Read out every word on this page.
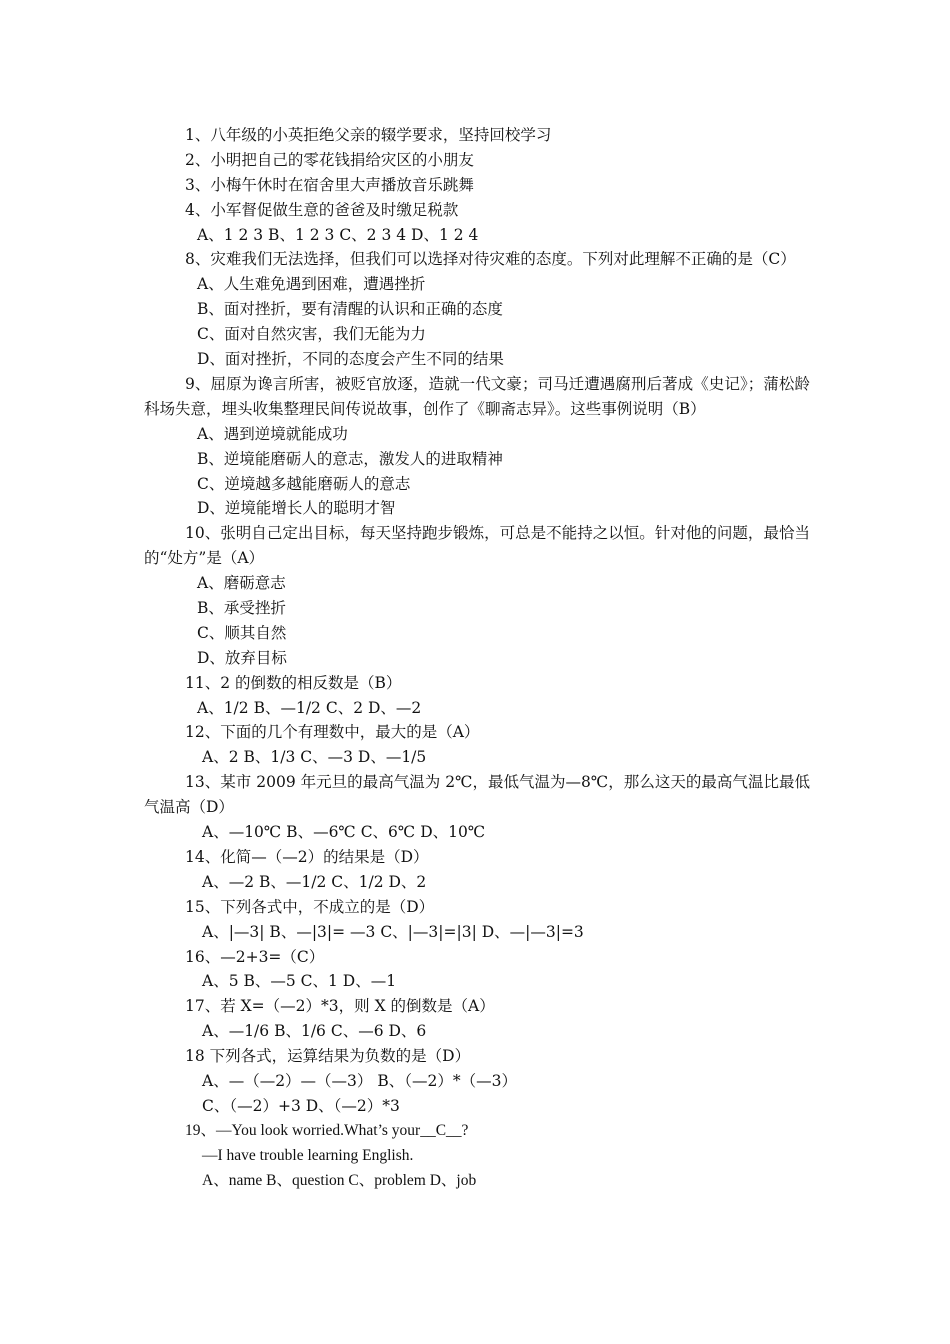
1、八年级的小英拒绝父亲的辍学要求，坚持回校学习
2、小明把自己的零花钱捐给灾区的小朋友
3、小梅午休时在宿舍里大声播放音乐跳舞
4、小军督促做生意的爸爸及时缴足税款
A、1 2 3 B、1 2 3 C、2 3 4 D、1 2 4
8、灾难我们无法选择，但我们可以选择对待灾难的态度。下列对此理解不正确的是（C）
A、人生难免遇到困难，遭遇挫折
B、面对挫折，要有清醒的认识和正确的态度
C、面对自然灾害，我们无能为力
D、面对挫折，不同的态度会产生不同的结果
9、屈原为谗言所害，被贬官放逐，造就一代文豪；司马迁遭遇腐刑后著成《史记》；蒲松龄科场失意，埋头收集整理民间传说故事，创作了《聊斋志异》。这些事例说明（B）
A、遇到逆境就能成功
B、逆境能磨砺人的意志，激发人的进取精神
C、逆境越多越能磨砺人的意志
D、逆境能增长人的聪明才智
10、张明自己定出目标，每天坚持跑步锻炼，可总是不能持之以恒。针对他的问题，最恰当的“处方”是（A）
A、磨砺意志
B、承受挫折
C、顺其自然
D、放弃目标
11、2 的倒数的相反数是（B）
A、1/2 B、—1/2 C、2 D、—2
12、下面的几个有理数中，最大的是（A）
A、2 B、1/3 C、—3 D、—1/5
13、某市 2009 年元旦的最高气温为 2℃，最低气温为—8℃，那么这天的最高气温比最低气温高（D）
A、—10℃ B、—6℃ C、6℃ D、10℃
14、化简—（—2）的结果是（D）
A、—2 B、—1/2 C、1/2 D、2
15、下列各式中，不成立的是（D）
A、|—3| B、—|3|= —3 C、|—3|=|3| D、—|—3|=3
16、—2+3=（C）
A、5 B、—5 C、1 D、—1
17、若 X=（—2）*3，则 X 的倒数是（A）
A、—1/6 B、1/6 C、—6 D、6
18 下列各式，运算结果为负数的是（D）
A、—（—2）—（—3） B、（—2）*（—3）
C、（—2）+3 D、（—2）*3
19、—You look worried.What’s your__C__?
—I have trouble learning English.
A、name B、question C、problem D、job
